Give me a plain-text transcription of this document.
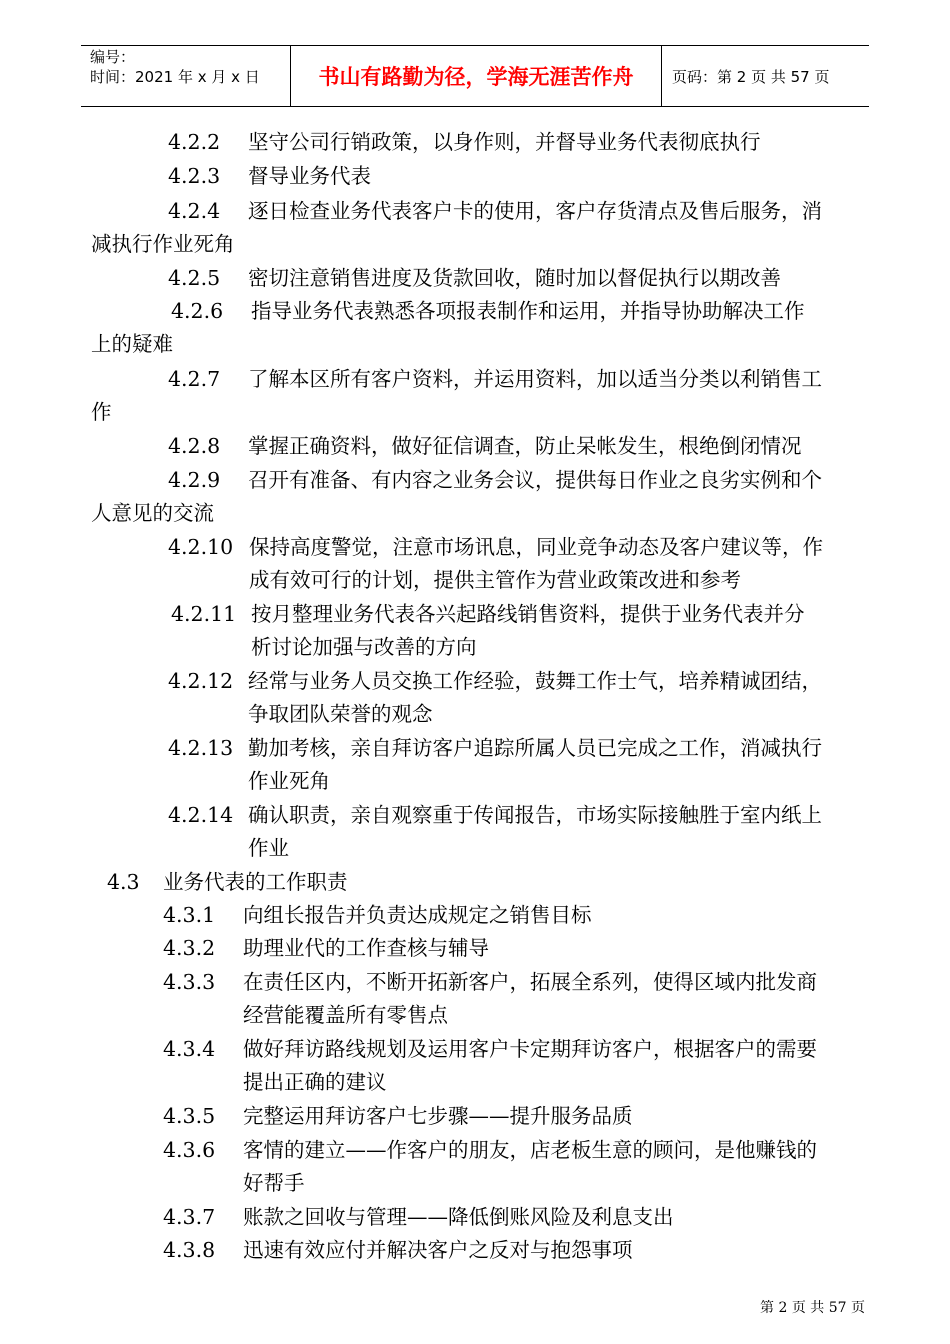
编号：
时间：2021 年 x 月 x 日	书山有路勤为径，学海无涯苦作舟	页码：第 2 页 共 57 页
4.2.2 坚守公司行销政策，以身作则，并督导业务代表彻底执行
4.2.3 督导业务代表
4.2.4 逐日检查业务代表客户卡的使用，客户存货清点及售后服务，消
减执行作业死角
4.2.5 密切注意销售进度及货款回收，随时加以督促执行以期改善
4.2.6 指导业务代表熟悉各项报表制作和运用，并指导协助解决工作
上的疑难
4.2.7 了解本区所有客户资料，并运用资料，加以适当分类以利销售工
作
4.2.8 掌握正确资料，做好征信调查，防止呆帐发生，根绝倒闭情况
4.2.9 召开有准备、有内容之业务会议，提供每日作业之良劣实例和个
人意见的交流
4.2.10 保持高度警觉，注意市场讯息，同业竞争动态及客户建议等，作
成有效可行的计划，提供主管作为营业政策改进和参考
4.2.11 按月整理业务代表各兴起路线销售资料，提供于业务代表并分
析讨论加强与改善的方向
4.2.12 经常与业务人员交换工作经验，鼓舞工作士气，培养精诚团结，
争取团队荣誉的观念
4.2.13 勤加考核，亲自拜访客户追踪所属人员已完成之工作，消减执行
作业死角
4.2.14 确认职责，亲自观察重于传闻报告，市场实际接触胜于室内纸上
作业
4.3 业务代表的工作职责
4.3.1 向组长报告并负责达成规定之销售目标
4.3.2 助理业代的工作查核与辅导
4.3.3 在责任区内，不断开拓新客户，拓展全系列，使得区域内批发商
经营能覆盖所有零售点
4.3.4 做好拜访路线规划及运用客户卡定期拜访客户，根据客户的需要
提出正确的建议
4.3.5 完整运用拜访客户七步骤——提升服务品质
4.3.6 客情的建立——作客户的朋友，店老板生意的顾问，是他赚钱的
好帮手
4.3.7 账款之回收与管理——降低倒账风险及利息支出
4.3.8 迅速有效应付并解决客户之反对与抱怨事项
第 2 页 共 57 页
